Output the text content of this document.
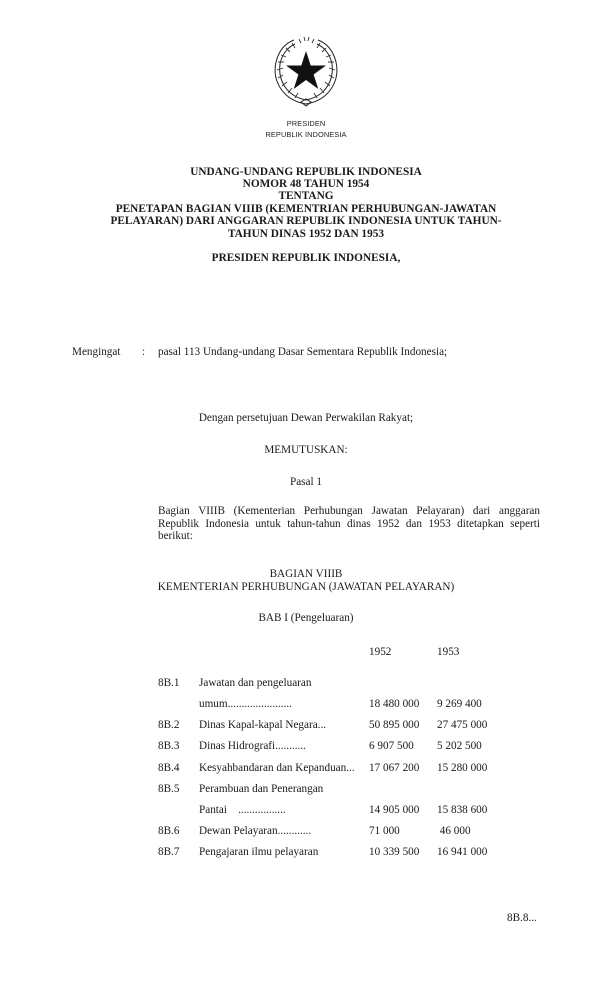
PRESIDEN
REPUBLIK INDONESIA
UNDANG-UNDANG REPUBLIK INDONESIA
NOMOR 48 TAHUN 1954
TENTANG
PENETAPAN BAGIAN VIIIB (KEMENTRIAN PERHUBUNGAN-JAWATAN
PELAYARAN) DARI ANGGARAN REPUBLIK INDONESIA UNTUK TAHUN-
TAHUN DINAS 1952 DAN 1953
PRESIDEN REPUBLIK INDONESIA,
Mengingat : pasal 113 Undang-undang Dasar Sementara Republik Indonesia;
Dengan persetujuan Dewan Perwakilan Rakyat;
MEMUTUSKAN:
Pasal 1
Bagian VIIIB (Kementerian Perhubungan Jawatan Pelayaran) dari anggaran Republik Indonesia untuk tahun-tahun dinas 1952 dan 1953 ditetapkan seperti berikut:
BAGIAN VIIIB
KEMENTERIAN PERHUBUNGAN (JAWATAN PELAYARAN)
BAB I (Pengeluaran)
1952	1953
8B.1 Jawatan dan pengeluaran
umum.......................	18 480 000 9 269 400
8B.2 Dinas Kapal-kapal Negara...	50 895 000 27 475 000
8B.3 Dinas Hidrografi...........	6 907 500 5 202 500
8B.4 Kesyahbandaran dan Kepanduan... 17 067 200 15 280 000
8B.5 Perambuan dan Penerangan
Pantai    .................	14 905 000 15 838 600
8B.6 Dewan Pelayaran............	71 000	46 000
8B.7 Pengajaran ilmu pelayaran	10 339 500 16 941 000
8B.8...
